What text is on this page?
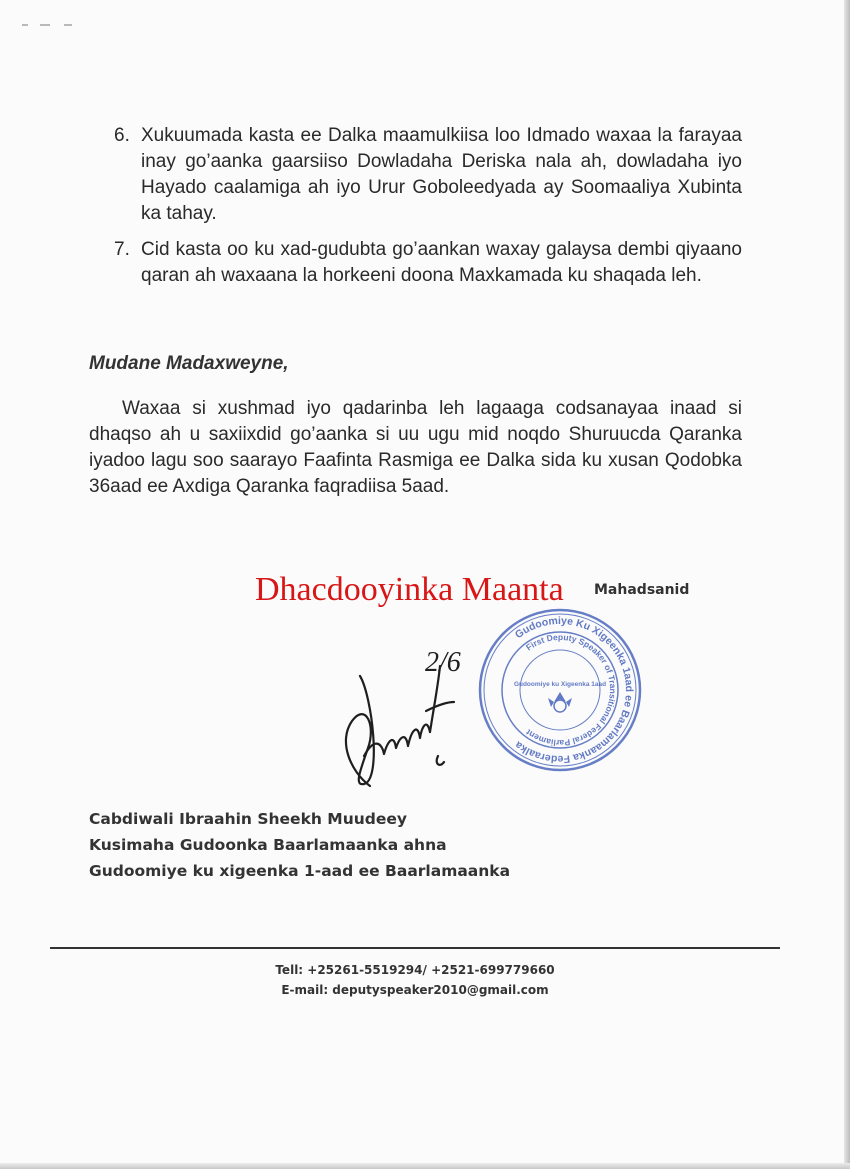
6. Xukuumada kasta ee Dalka maamulkiisa loo Idmado waxaa la farayaa inay go’aanka gaarsiiso Dowladaha Deriska nala ah, dowladaha iyo Hayado caalamiga ah iyo Urur Goboleedyada ay Soomaaliya Xubinta ka tahay.
7. Cid kasta oo ku xad-gudubta go’aankan waxay galaysa dembi qiyaano qaran ah waxaana la horkeeni doona Maxkamada ku shaqada leh.
Mudane Madaxweyne,

Waxaa si xushmad iyo qadarinba leh lagaaga codsanayaa inaad si dhaqso ah u saxiixdid go’aanka si uu ugu mid noqdo Shuruucda Qaranka iyadoo lagu soo saarayo Faafinta Rasmiga ee Dalka sida ku xusan Qodobka 36aad ee Axdiga Qaranka faqradiisa 5aad.

Mahadsanid
Gudoomiye Ku Xigeenka 1aad ee Baarlamaanka Federaalka
First Deputy Speaker of Transitional Federal Parliament
Gudoomiye ku Xigeenka 1aad
Dhacdooyinka Maanta
2/6
Cabdiwali Ibraahin Sheekh Muudeey
Kusimaha Gudoonka Baarlamaanka ahna
Gudoomiye ku xigeenka 1-aad ee Baarlamaanka
Tell: +25261-5519294/ +2521-699779660
E-mail: deputyspeaker2010@gmail.com
